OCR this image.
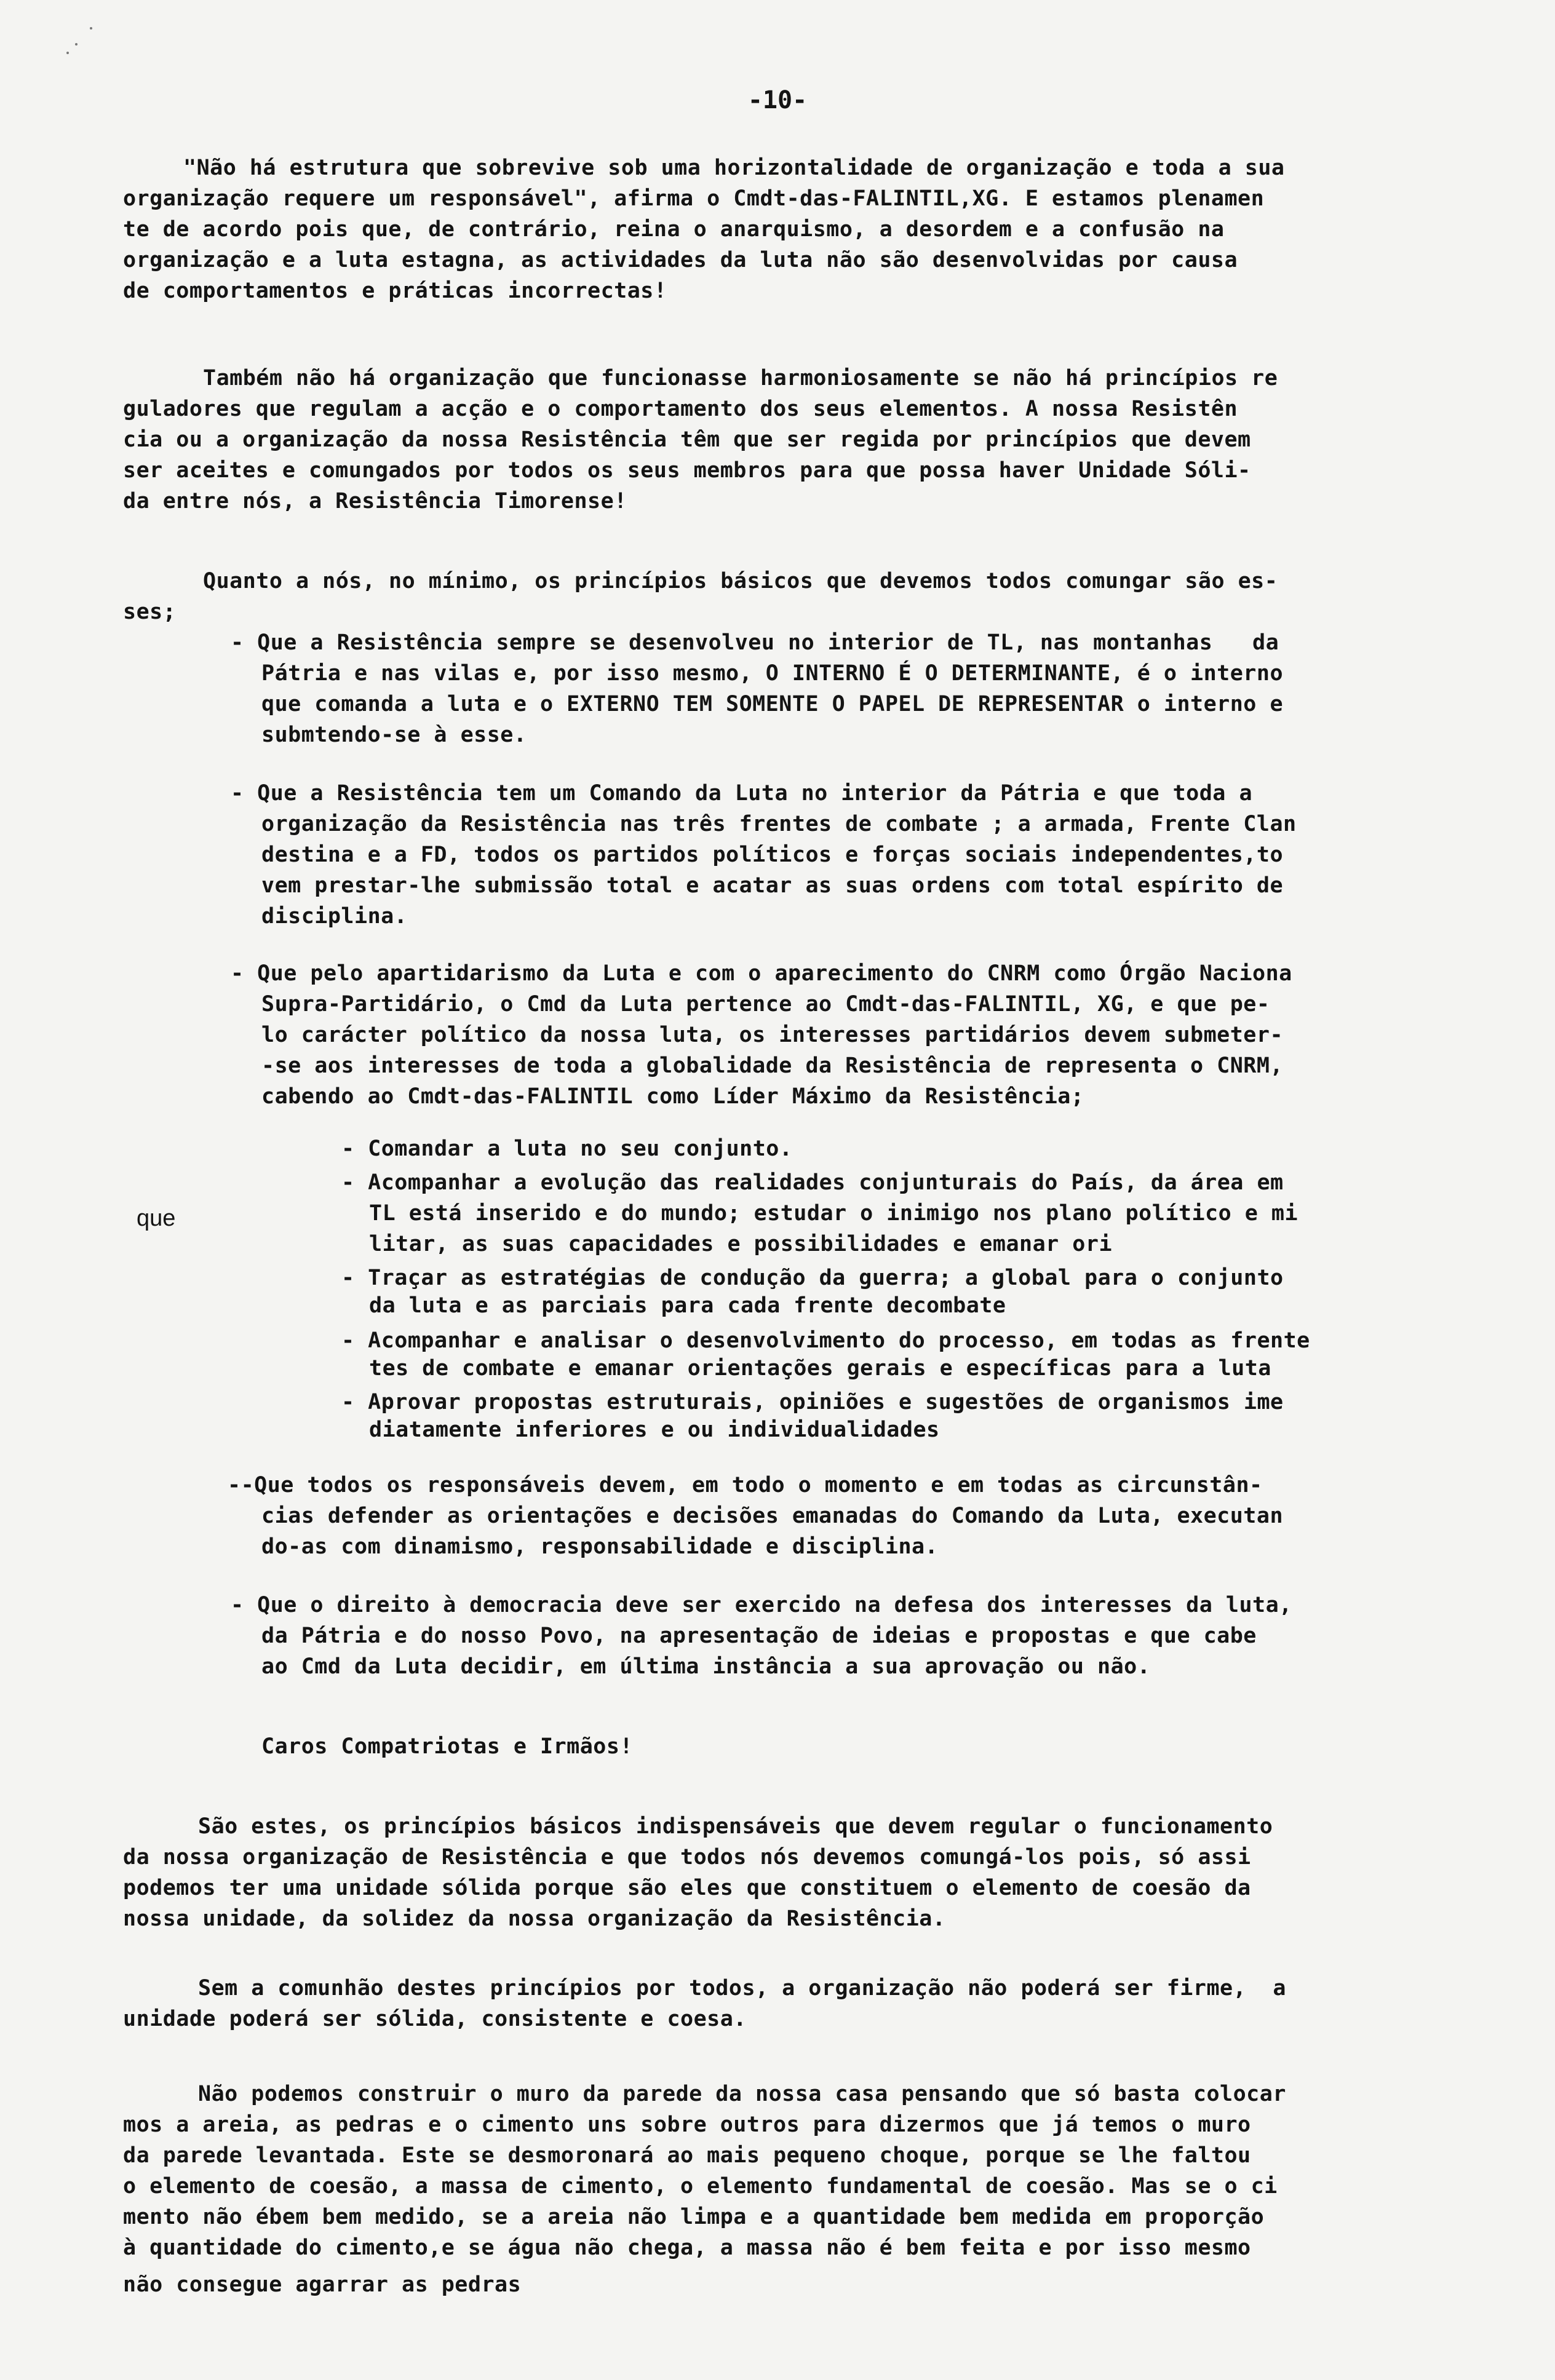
-10-
"Não há estrutura que sobrevive sob uma horizontalidade de organização e toda a sua
organização requere um responsável", afirma o Cmdt-das-FALINTIL,XG. E estamos plenamen
te de acordo pois que, de contrário, reina o anarquismo, a desordem e a confusão na
organização e a luta estagna, as actividades da luta não são desenvolvidas por causa
de comportamentos e práticas incorrectas!
Também não há organização que funcionasse harmoniosamente se não há princípios re
guladores que regulam a acção e o comportamento dos seus elementos. A nossa Resistên
cia ou a organização da nossa Resistência têm que ser regida por princípios que devem
ser aceites e comungados por todos os seus membros para que possa haver Unidade Sóli-
da entre nós, a Resistência Timorense!
Quanto a nós, no mínimo, os princípios básicos que devemos todos comungar são es-
ses;
- Que a Resistência sempre se desenvolveu no interior de TL, nas montanhas   da
Pátria e nas vilas e, por isso mesmo, O INTERNO É O DETERMINANTE, é o interno
que comanda a luta e o EXTERNO TEM SOMENTE O PAPEL DE REPRESENTAR o interno e
submtendo-se à esse.
- Que a Resistência tem um Comando da Luta no interior da Pátria e que toda a
organização da Resistência nas três frentes de combate ; a armada, Frente Clan
destina e a FD, todos os partidos políticos e forças sociais independentes,to
vem prestar-lhe submissão total e acatar as suas ordens com total espírito de
disciplina.
- Que pelo apartidarismo da Luta e com o aparecimento do CNRM como Órgão Naciona
Supra-Partidário, o Cmd da Luta pertence ao Cmdt-das-FALINTIL, XG, e que pe-
lo carácter político da nossa luta, os interesses partidários devem submeter-
-se aos interesses de toda a globalidade da Resistência de representa o CNRM,
cabendo ao Cmdt-das-FALINTIL como Líder Máximo da Resistência;
- Comandar a luta no seu conjunto.
- Acompanhar a evolução das realidades conjunturais do País, da área em
TL está inserido e do mundo; estudar o inimigo nos plano político e mi
litar, as suas capacidades e possibilidades e emanar ori
- Traçar as estratégias de condução da guerra; a global para o conjunto
da luta e as parciais para cada frente decombate
- Acompanhar e analisar o desenvolvimento do processo, em todas as frente
tes de combate e emanar orientações gerais e específicas para a luta
- Aprovar propostas estruturais, opiniões e sugestões de organismos ime
diatamente inferiores e ou individualidades
--Que todos os responsáveis devem, em todo o momento e em todas as circunstân-
cias defender as orientações e decisões emanadas do Comando da Luta, executan
do-as com dinamismo, responsabilidade e disciplina.
- Que o direito à democracia deve ser exercido na defesa dos interesses da luta,
da Pátria e do nosso Povo, na apresentação de ideias e propostas e que cabe
ao Cmd da Luta decidir, em última instância a sua aprovação ou não.
Caros Compatriotas e Irmãos!
São estes, os princípios básicos indispensáveis que devem regular o funcionamento
da nossa organização de Resistência e que todos nós devemos comungá-los pois, só assi
podemos ter uma unidade sólida porque são eles que constituem o elemento de coesão da
nossa unidade, da solidez da nossa organização da Resistência.
Sem a comunhão destes princípios por todos, a organização não poderá ser firme,  a
unidade poderá ser sólida, consistente e coesa.
Não podemos construir o muro da parede da nossa casa pensando que só basta colocar
mos a areia, as pedras e o cimento uns sobre outros para dizermos que já temos o muro
da parede levantada. Este se desmoronará ao mais pequeno choque, porque se lhe faltou
o elemento de coesão, a massa de cimento, o elemento fundamental de coesão. Mas se o ci
mento não ébem bem medido, se a areia não limpa e a quantidade bem medida em proporção
à quantidade do cimento,e se água não chega, a massa não é bem feita e por isso mesmo
não consegue agarrar as pedras
que
